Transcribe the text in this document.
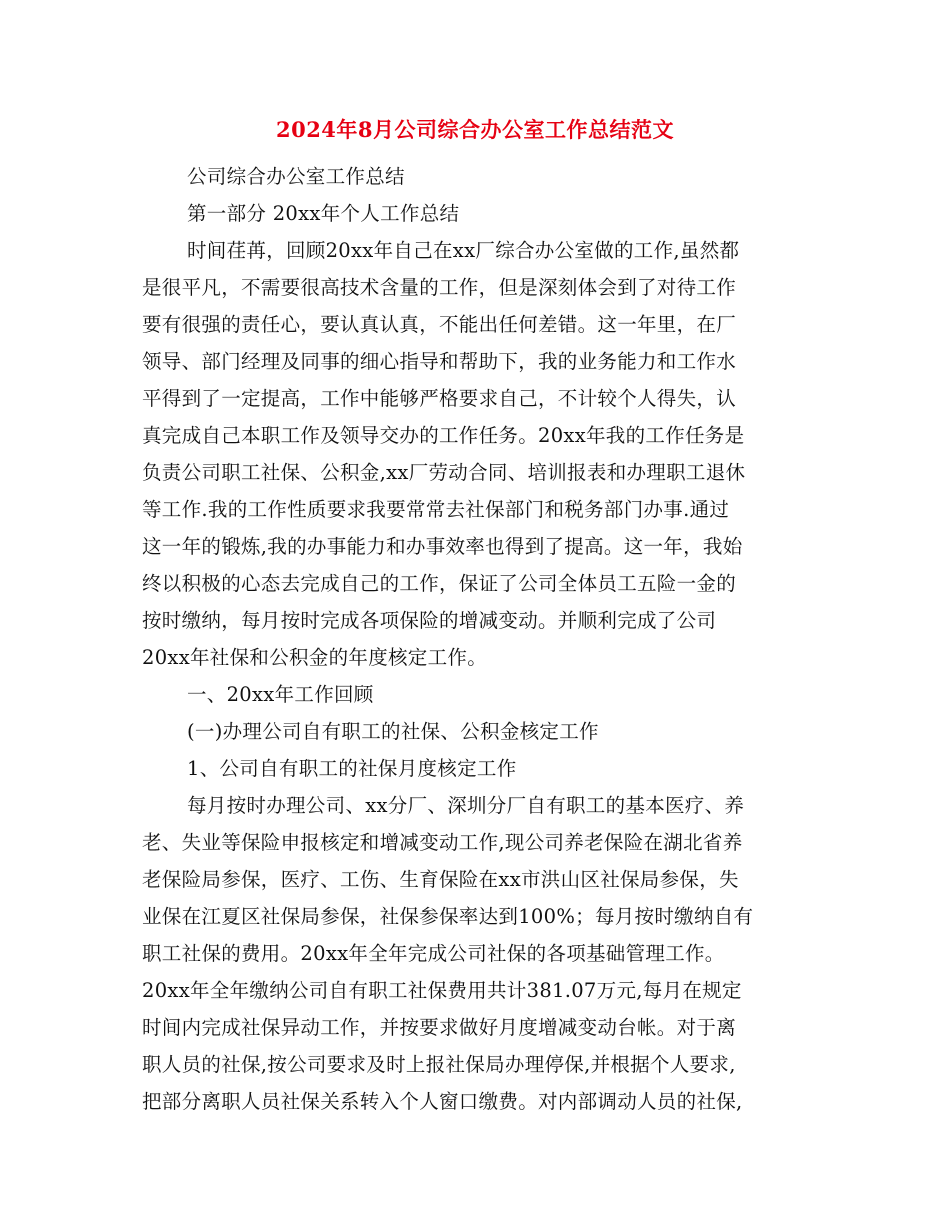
2024年8月公司综合办公室工作总结范文
公司综合办公室工作总结
第一部分 20xx年个人工作总结
时间荏苒，回顾20xx年自己在xx厂综合办公室做的工作,虽然都
是很平凡，不需要很高技术含量的工作，但是深刻体会到了对待工作
要有很强的责任心，要认真认真，不能出任何差错。这一年里，在厂
领导、部门经理及同事的细心指导和帮助下，我的业务能力和工作水
平得到了一定提高，工作中能够严格要求自己，不计较个人得失，认
真完成自己本职工作及领导交办的工作任务。20xx年我的工作任务是
负责公司职工社保、公积金,xx厂劳动合同、培训报表和办理职工退休
等工作.我的工作性质要求我要常常去社保部门和税务部门办事.通过
这一年的锻炼,我的办事能力和办事效率也得到了提高。这一年，我始
终以积极的心态去完成自己的工作，保证了公司全体员工五险一金的
按时缴纳，每月按时完成各项保险的增减变动。并顺利完成了公司
20xx年社保和公积金的年度核定工作。
一、20xx年工作回顾
(一)办理公司自有职工的社保、公积金核定工作
1、公司自有职工的社保月度核定工作
每月按时办理公司、xx分厂、深圳分厂自有职工的基本医疗、养
老、失业等保险申报核定和增减变动工作,现公司养老保险在湖北省养
老保险局参保，医疗、工伤、生育保险在xx市洪山区社保局参保，失
业保在江夏区社保局参保，社保参保率达到100%；每月按时缴纳自有
职工社保的费用。20xx年全年完成公司社保的各项基础管理工作。
20xx年全年缴纳公司自有职工社保费用共计381.07万元,每月在规定
时间内完成社保异动工作，并按要求做好月度增减变动台帐。对于离
职人员的社保,按公司要求及时上报社保局办理停保,并根据个人要求,
把部分离职人员社保关系转入个人窗口缴费。对内部调动人员的社保,
